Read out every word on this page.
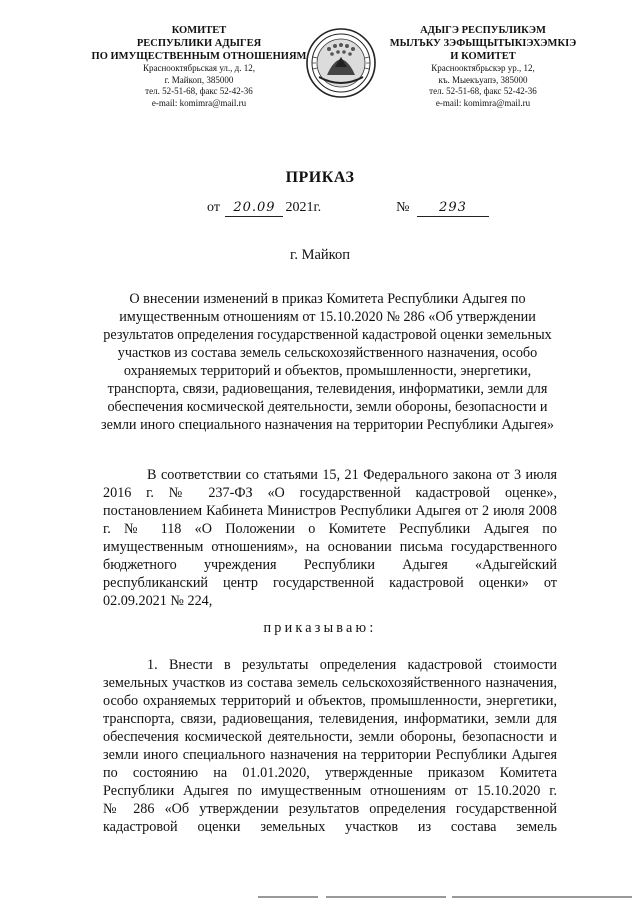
КОМИТЕТ
РЕСПУБЛИКИ АДЫГЕЯ
ПО ИМУЩЕСТВЕННЫМ ОТНОШЕНИЯМ
Краснооктябрьская ул., д. 12,
г. Майкоп, 385000
тел. 52-51-68, факс 52-42-36
e-mail: komimra@mail.ru
АДЫГЭ РЕСПУБЛИКЭМ
МЫЛЪКУ ЗЭФЫЩЫТЫКIЭХЭМКIЭ
И КОМИТЕТ
Краснооктябрьскэр ур., 12,
къ. Мыекъуапэ, 385000
тел. 52-51-68, факс 52-42-36
e-mail: komimra@mail.ru
ПРИКАЗ
от 20.09 2021г.	№ 293
г. Майкоп
О внесении изменений в приказ Комитета Республики Адыгея по имущественным отношениям от 15.10.2020 № 286 «Об утверждении результатов определения государственной кадастровой оценки земельных участков из состава земель сельскохозяйственного назначения, особо охраняемых территорий и объектов, промышленности, энергетики, транспорта, связи, радиовещания, телевидения, информатики, земли для обеспечения космической деятельности, земли обороны, безопасности и земли иного специального назначения на территории Республики Адыгея»
В соответствии со статьями 15, 21 Федерального закона от 3 июля
2016 г. № 237-ФЗ «О государственной кадастровой оценке»,
постановлением Кабинета Министров Республики Адыгея от 2 июля 2008
г. № 118 «О Положении о Комитете Республики Адыгея по
имущественным отношениям», на основании письма государственного
бюджетного учреждения Республики Адыгея «Адыгейский
республиканский центр государственной кадастровой оценки» от
02.09.2021 № 224,
приказываю:
1. Внести в результаты определения кадастровой стоимости
земельных участков из состава земель сельскохозяйственного назначения,
особо охраняемых территорий и объектов, промышленности, энергетики,
транспорта, связи, радиовещания, телевидения, информатики, земли для
обеспечения космической деятельности, земли обороны, безопасности и
земли иного специального назначения на территории Республики Адыгея
по состоянию на 01.01.2020, утвержденные приказом Комитета
Республики Адыгея по имущественным отношениям от 15.10.2020 г.
№ 286 «Об утверждении результатов определения государственной
кадастровой оценки земельных участков из состава земель
